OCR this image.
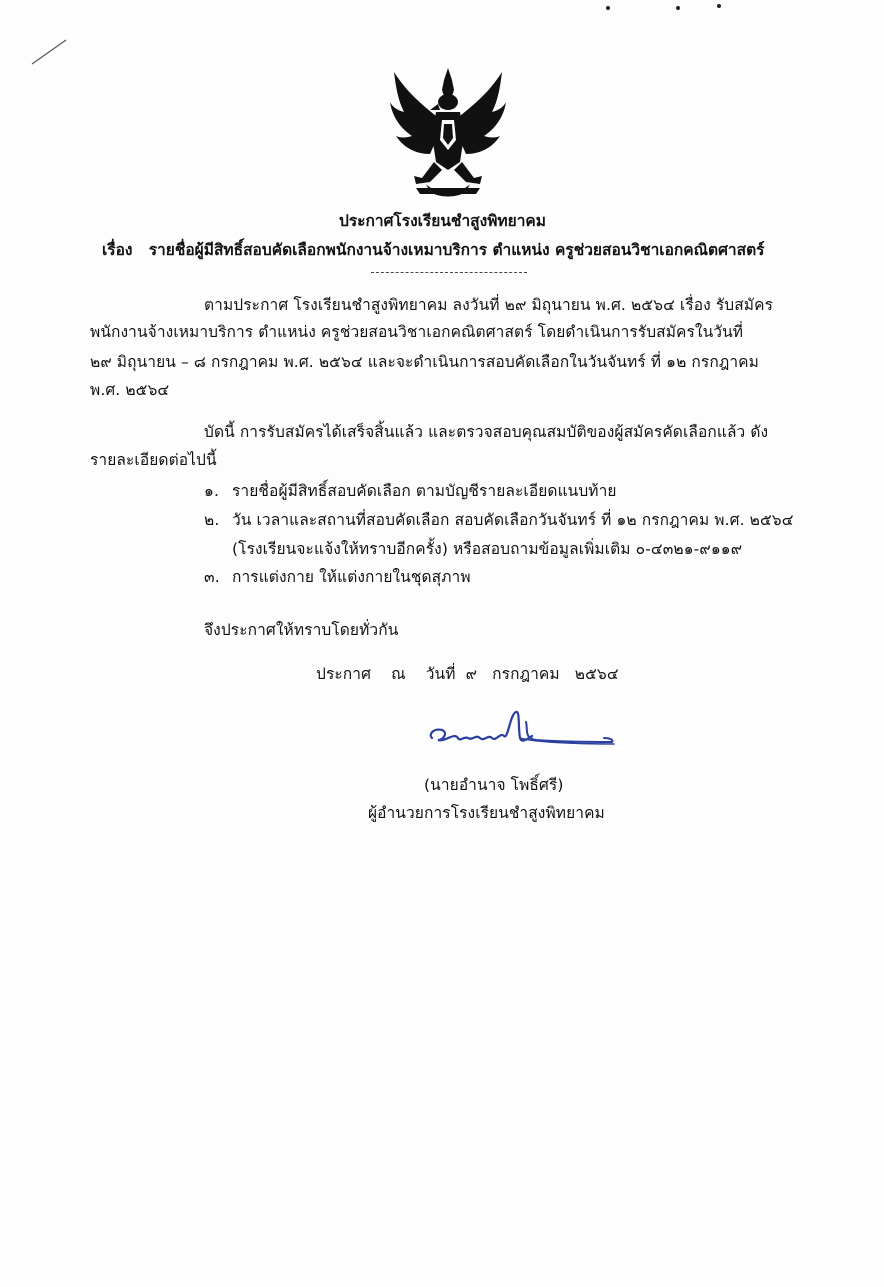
ประกาศโรงเรียนชำสูงพิทยาคม
เรื่อง รายชื่อผู้มีสิทธิ์สอบคัดเลือกพนักงานจ้างเหมาบริการ ตำแหน่ง ครูช่วยสอนวิชาเอกคณิตศาสตร์
ตามประกาศ โรงเรียนชำสูงพิทยาคม ลงวันที่ ๒๙ มิถุนายน พ.ศ. ๒๕๖๔ เรื่อง รับสมัคร
พนักงานจ้างเหมาบริการ ตำแหน่ง ครูช่วยสอนวิชาเอกคณิตศาสตร์ โดยดำเนินการรับสมัครในวันที่
๒๙ มิถุนายน – ๘ กรกฎาคม พ.ศ. ๒๕๖๔ และจะดำเนินการสอบคัดเลือกในวันจันทร์ ที่ ๑๒ กรกฎาคม
พ.ศ. ๒๕๖๔
บัดนี้ การรับสมัครได้เสร็จสิ้นแล้ว และตรวจสอบคุณสมบัติของผู้สมัครคัดเลือกแล้ว ดัง
รายละเอียดต่อไปนี้
๑. รายชื่อผู้มีสิทธิ์สอบคัดเลือก ตามบัญชีรายละเอียดแนบท้าย
๒. วัน เวลาและสถานที่สอบคัดเลือก สอบคัดเลือกวันจันทร์ ที่ ๑๒ กรกฎาคม พ.ศ. ๒๕๖๔
(โรงเรียนจะแจ้งให้ทราบอีกครั้ง) หรือสอบถามข้อมูลเพิ่มเติม ๐-๔๓๒๑-๙๑๑๙
๓. การแต่งกาย ให้แต่งกายในชุดสุภาพ
จึงประกาศให้ทราบโดยทั่วกัน
ประกาศ ณ วันที่ ๙ กรกฎาคม ๒๕๖๔
(นายอำนาจ โพธิ์ศรี)
ผู้อำนวยการโรงเรียนชำสูงพิทยาคม
